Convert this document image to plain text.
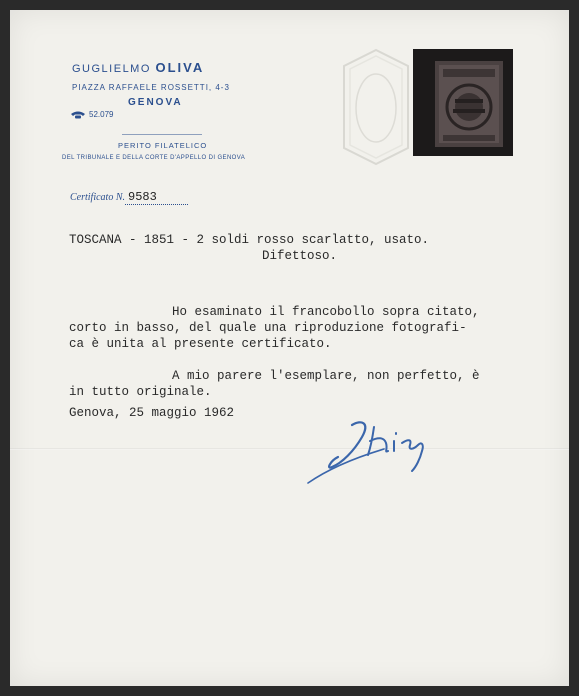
GUGLIELMO OLIVA
PIAZZA RAFFAELE ROSSETTI, 4-3
GENOVA
52.079
PERITO FILATELICO
DEL TRIBUNALE E DELLA CORTE D'APPELLO DI GENOVA
Certificato N. 9583
TOSCANA - 1851 - 2 soldi rosso scarlatto, usato.
Difettoso.
Ho esaminato il francobollo sopra citato,
corto in basso, del quale una riproduzione fotografi-
ca è unita al presente certificato.
A mio parere l'esemplare, non perfetto, è
in tutto originale.
Genova, 25 maggio 1962
